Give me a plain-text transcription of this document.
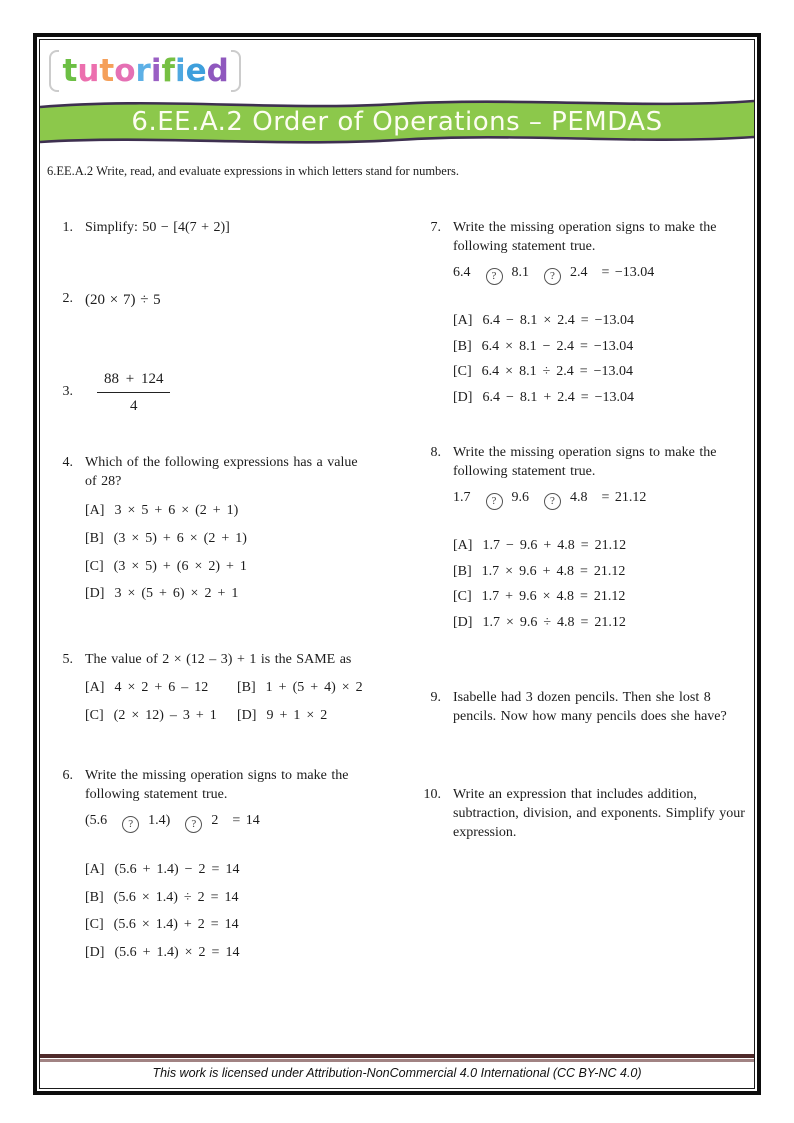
t u t o r i f i e d
6.EE.A.2 Order of Operations – PEMDAS
6.EE.A.2 Write, read, and evaluate expressions in which letters stand for numbers.
1. Simplify: 50 − [4(7 + 2)]
2. (20 × 7) ÷ 5
3. $\frac{88 + 124}{4}$
4. Which of the following expressions has a value of 28?
[A] 3 × 5 + 6 × (2 + 1)
[B] (3 × 5) + 6 × (2 + 1)
[C] (3 × 5) + (6 × 2) + 1
[D] 3 × (5 + 6) × 2 + 1
5. The value of 2 × (12 – 3) + 1 is the SAME as
[A] 4 × 2 + 6 – 12 [B] 1 + (5 + 4) × 2
[C] (2 × 12) – 3 + 1 [D] 9 + 1 × 2
6. Write the missing operation signs to make the following statement true.
(5.6 ? 1.4) ? 2 = 14
[A] (5.6 + 1.4) − 2 = 14
[B] (5.6 × 1.4) ÷ 2 = 14
[C] (5.6 × 1.4) + 2 = 14
[D] (5.6 + 1.4) × 2 = 14
7. Write the missing operation signs to make the following statement true.
6.4 ? 8.1 ? 2.4 = −13.04
[A] 6.4 − 8.1 × 2.4 = −13.04
[B] 6.4 × 8.1 − 2.4 = −13.04
[C] 6.4 × 8.1 ÷ 2.4 = −13.04
[D] 6.4 − 8.1 + 2.4 = −13.04
8. Write the missing operation signs to make the following statement true.
1.7 ? 9.6 ? 4.8 = 21.12
[A] 1.7 − 9.6 + 4.8 = 21.12
[B] 1.7 × 9.6 + 4.8 = 21.12
[C] 1.7 + 9.6 × 4.8 = 21.12
[D] 1.7 × 9.6 ÷ 4.8 = 21.12
9. Isabelle had 3 dozen pencils. Then she lost 8 pencils. Now how many pencils does she have?
10. Write an expression that includes addition, subtraction, division, and exponents. Simplify your expression.
This work is licensed under Attribution-NonCommercial 4.0 International (CC BY-NC 4.0)
